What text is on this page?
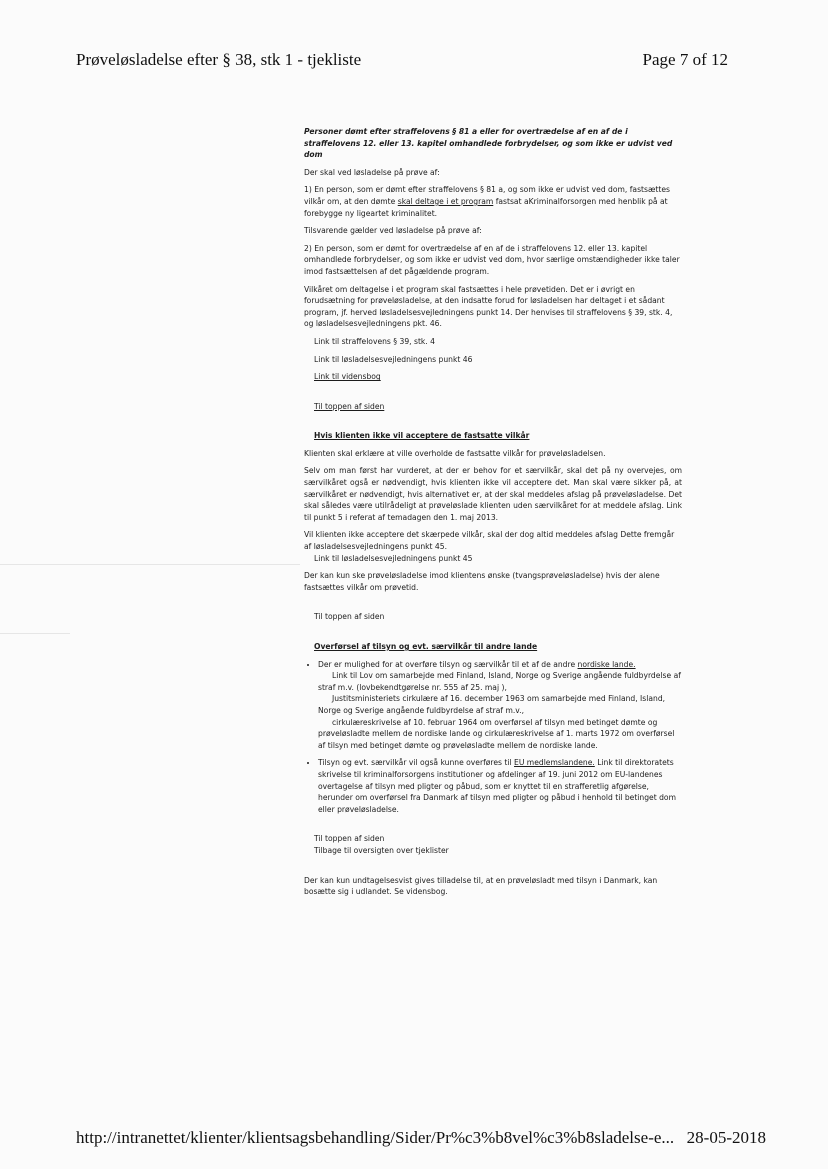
Prøveløsladelse efter § 38, stk 1 - tjekliste	Page 7 of 12

Personer dømt efter straffelovens § 81 a eller for overtrædelse af en af de i straffelovens 12. eller 13. kapitel omhandlede forbrydelser, og som ikke er udvist ved dom

Der skal ved løsladelse på prøve af:

1) En person, som er dømt efter straffelovens § 81 a, og som ikke er udvist ved dom, fastsættes vilkår om, at den dømte skal deltage i et program fastsat aKriminalforsorgen med henblik på at forebygge ny ligeartet kriminalitet.

Tilsvarende gælder ved løsladelse på prøve af:

2) En person, som er dømt for overtrædelse af en af de i straffelovens 12. eller 13. kapitel omhandlede forbrydelser, og som ikke er udvist ved dom, hvor særlige omstændigheder ikke taler imod fastsættelsen af det pågældende program.

Vilkåret om deltagelse i et program skal fastsættes i hele prøvetiden. Det er i øvrigt en forudsætning for prøveløsladelse, at den indsatte forud for løsladelsen har deltaget i et sådant program, jf. herved løsladelsesvejledningens punkt 14. Der henvises til straffelovens § 39, stk. 4, og løsladelsesvejledningens pkt. 46.

Link til straffelovens § 39, stk. 4

Link til løsladelsesvejledningens punkt 46

Link til vidensbog

Til toppen af siden

Hvis klienten ikke vil acceptere de fastsatte vilkår

Klienten skal erklære at ville overholde de fastsatte vilkår for prøveløsladelsen.

Selv om man først har vurderet, at der er behov for et særvilkår, skal det på ny overvejes, om særvilkåret også er nødvendigt, hvis klienten ikke vil acceptere det. Man skal være sikker på, at særvilkåret er nødvendigt, hvis alternativet er, at der skal meddeles afslag på prøveløsladelse. Det skal således være utilrådeligt at prøveløslade klienten uden særvilkåret for at meddele afslag. Link til punkt 5 i referat af temadagen den 1. maj 2013.

Vil klienten ikke acceptere det skærpede vilkår, skal der dog altid meddeles afslag Dette fremgår af løsladelsesvejledningens punkt 45.

Link til løsladelsesvejledningens punkt 45

Der kan kun ske prøveløsladelse imod klientens ønske (tvangsprøveløsladelse) hvis der alene fastsættes vilkår om prøvetid.

Til toppen af siden

Overførsel af tilsyn og evt. særvilkår til andre lande

• Der er mulighed for at overføre tilsyn og særvilkår til et af de andre nordiske lande.
Link til Lov om samarbejde med Finland, Island, Norge og Sverige angående fuldbyrdelse af straf m.v. (lovbekendtgørelse nr. 555 af 25. maj ),
Justitsministeriets cirkulære af 16. december 1963 om samarbejde med Finland, Island, Norge og Sverige angående fuldbyrdelse af straf m.v.,
cirkulæreskrivelse af 10. februar 1964 om overførsel af tilsyn med betinget dømte og prøveløsladte mellem de nordiske lande og cirkulæreskrivelse af 1. marts 1972 om overførsel af tilsyn med betinget dømte og prøveløsladte mellem de nordiske lande.
• Tilsyn og evt. særvilkår vil også kunne overføres til EU medlemslandene. Link til direktoratets skrivelse til kriminalforsorgens institutioner og afdelinger af 19. juni 2012 om EU-landenes overtagelse af tilsyn med pligter og påbud, som er knyttet til en strafferetlig afgørelse, herunder om overførsel fra Danmark af tilsyn med pligter og påbud i henhold til betinget dom eller prøveløsladelse.

Til toppen af siden

Tilbage til oversigten over tjeklister

Der kan kun undtagelsesvist gives tilladelse til, at en prøveløsladt med tilsyn i Danmark, kan bosætte sig i udlandet. Se vidensbog.

http://intranettet/klienter/klientsagsbehandling/Sider/Pr%c3%b8vel%c3%b8sladelse-e... 28-05-2018
